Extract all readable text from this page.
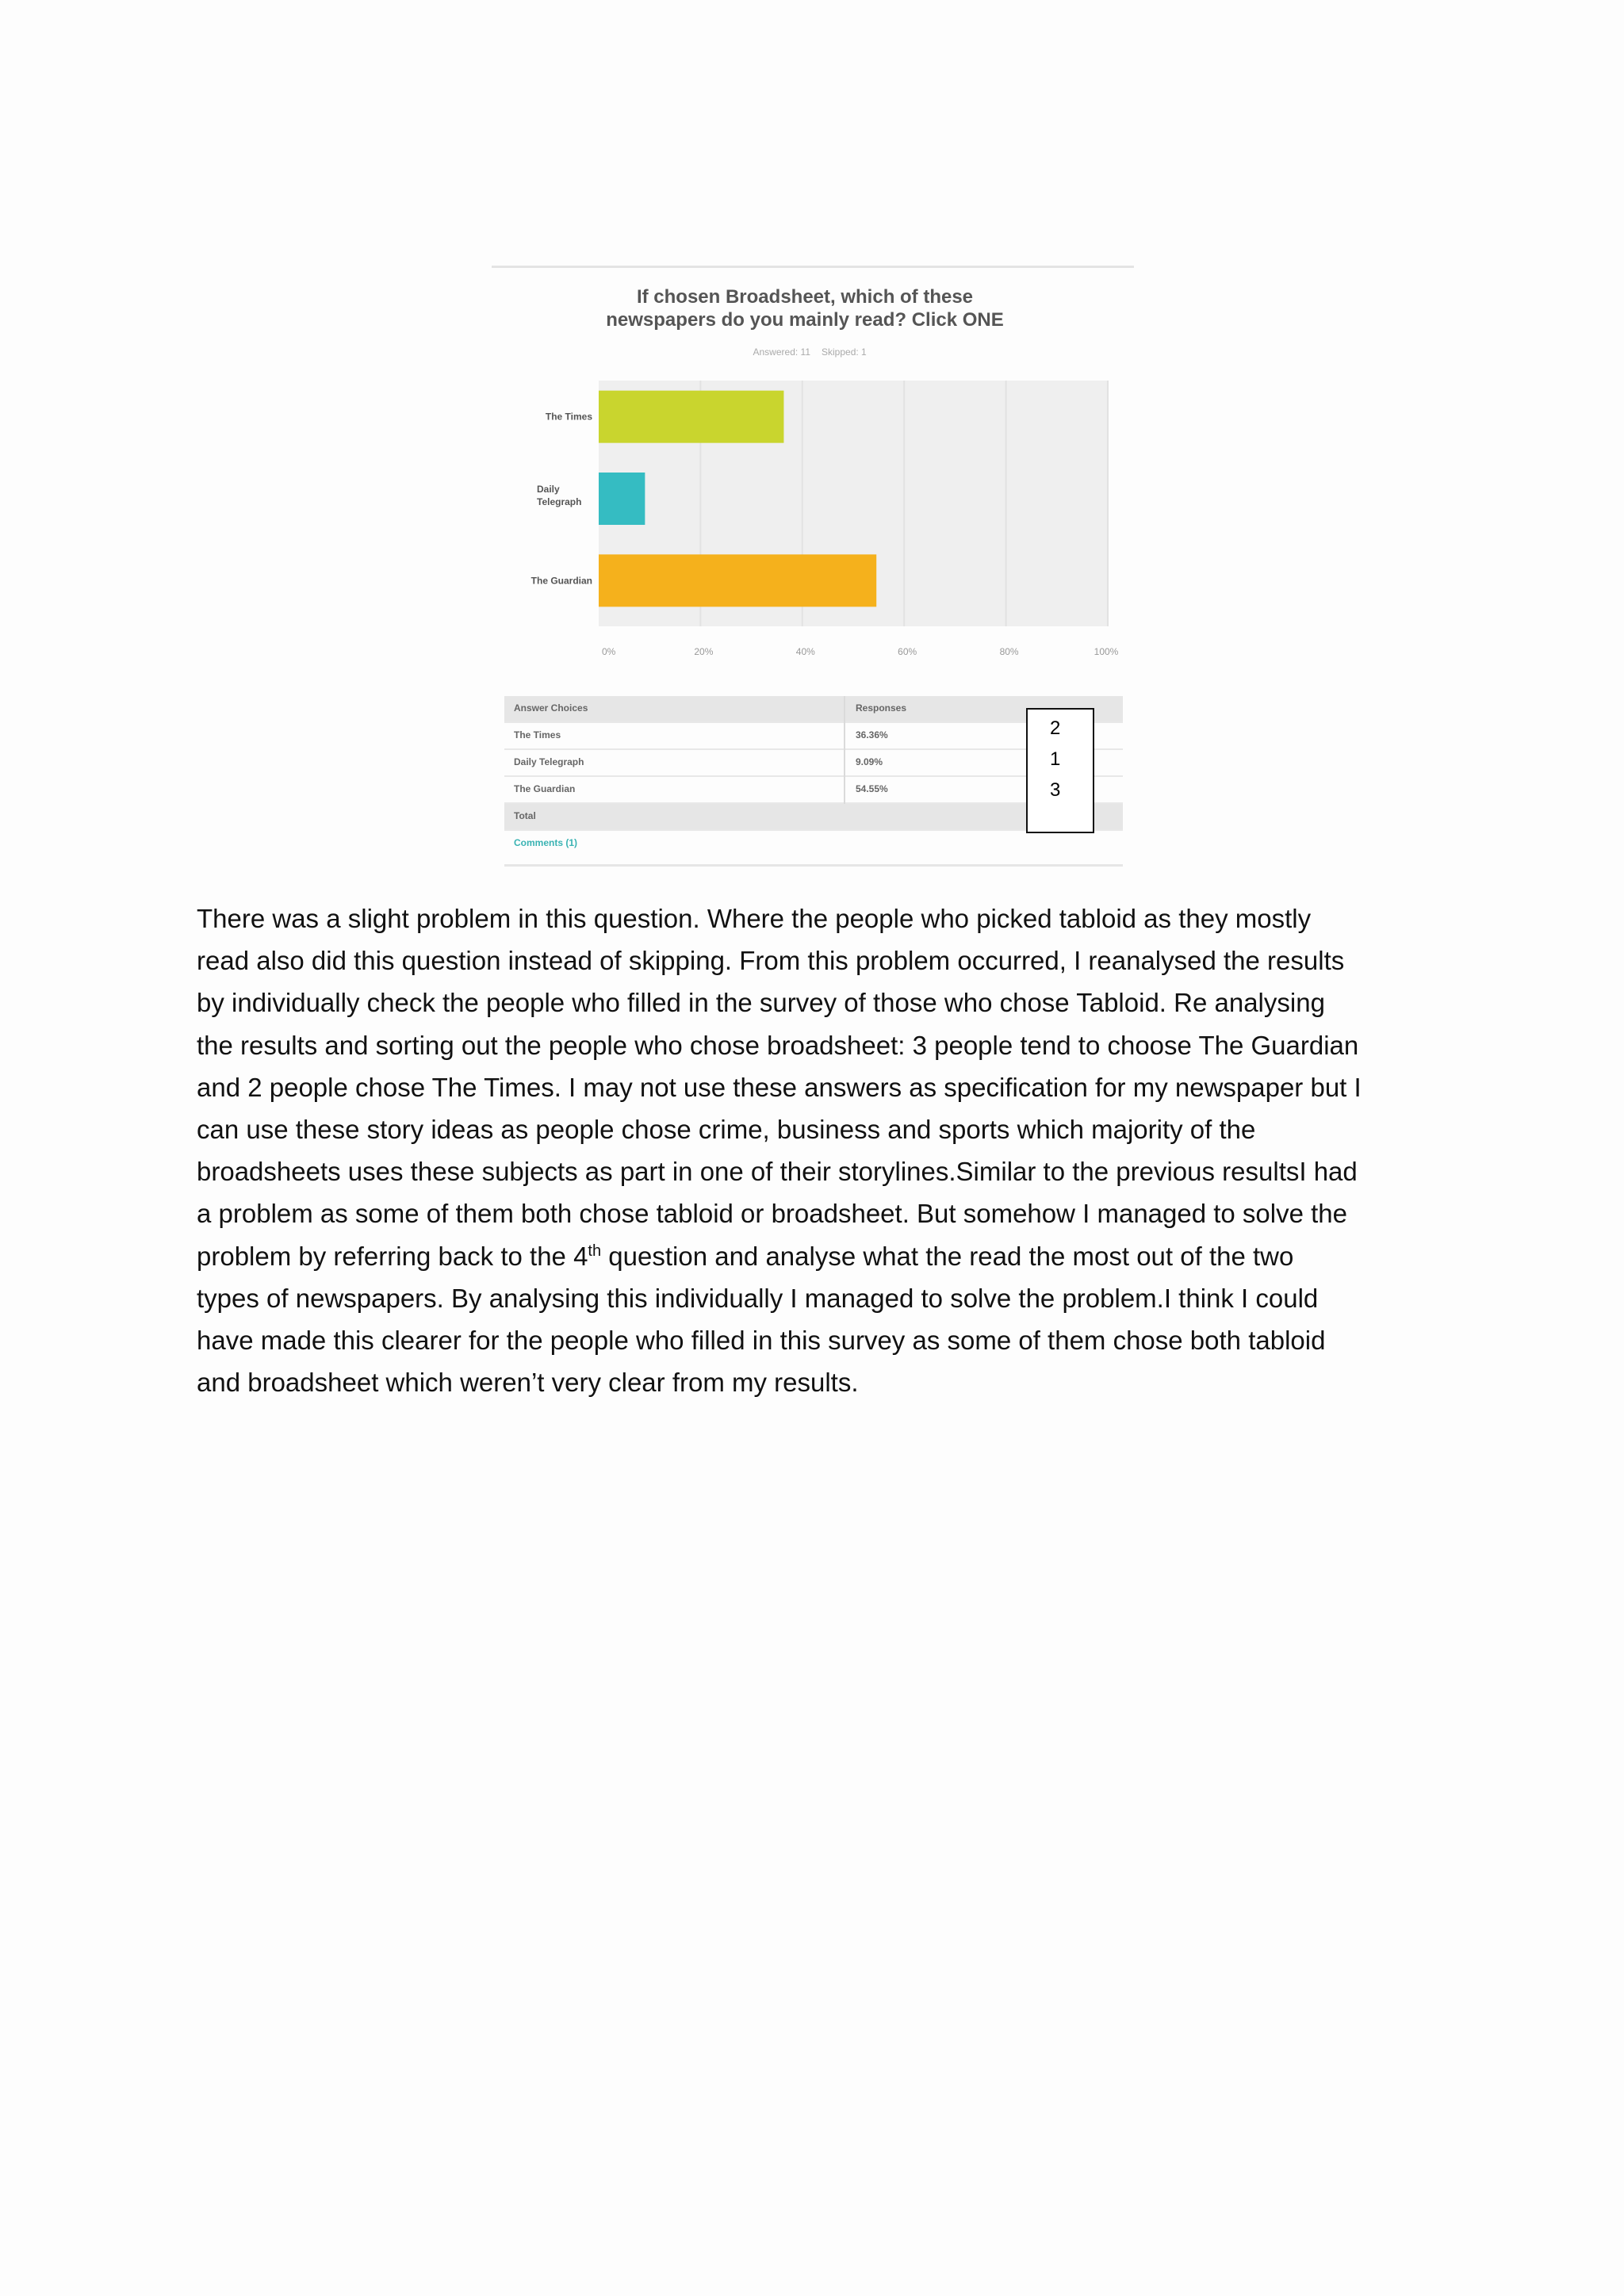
If chosen Broadsheet, which of these
newspapers do you mainly read? Click ONE
Answered: 11 Skipped: 1
The Times
Daily Telegraph
The Guardian
0%	20%	40%	60%	80%	100%
Answer Choices	Responses
The Times	36.36%
Daily Telegraph	9.09%
The Guardian	54.55%
Total
Comments (1)
2
1
3
There was a slight problem in this question. Where the people who picked tabloid as they mostly
read also did this question instead of skipping. From this problem occurred, I reanalysed the results
by individually check the people who filled in the survey of those who chose Tabloid. Re analysing
the results and sorting out the people who chose broadsheet: 3 people tend to choose The Guardian
and 2 people chose The Times. I may not use these answers as specification for my newspaper but I
can use these story ideas as people chose crime, business and sports which majority of the
broadsheets uses these subjects as part in one of their storylines.Similar to the previous resultsI had
a problem as some of them both chose tabloid or broadsheet. But somehow I managed to solve the
problem by referring back to the 4th question and analyse what the read the most out of the two
types of newspapers. By analysing this individually I managed to solve the problem.I think I could
have made this clearer for the people who filled in this survey as some of them chose both tabloid
and broadsheet which weren’t very clear from my results.
